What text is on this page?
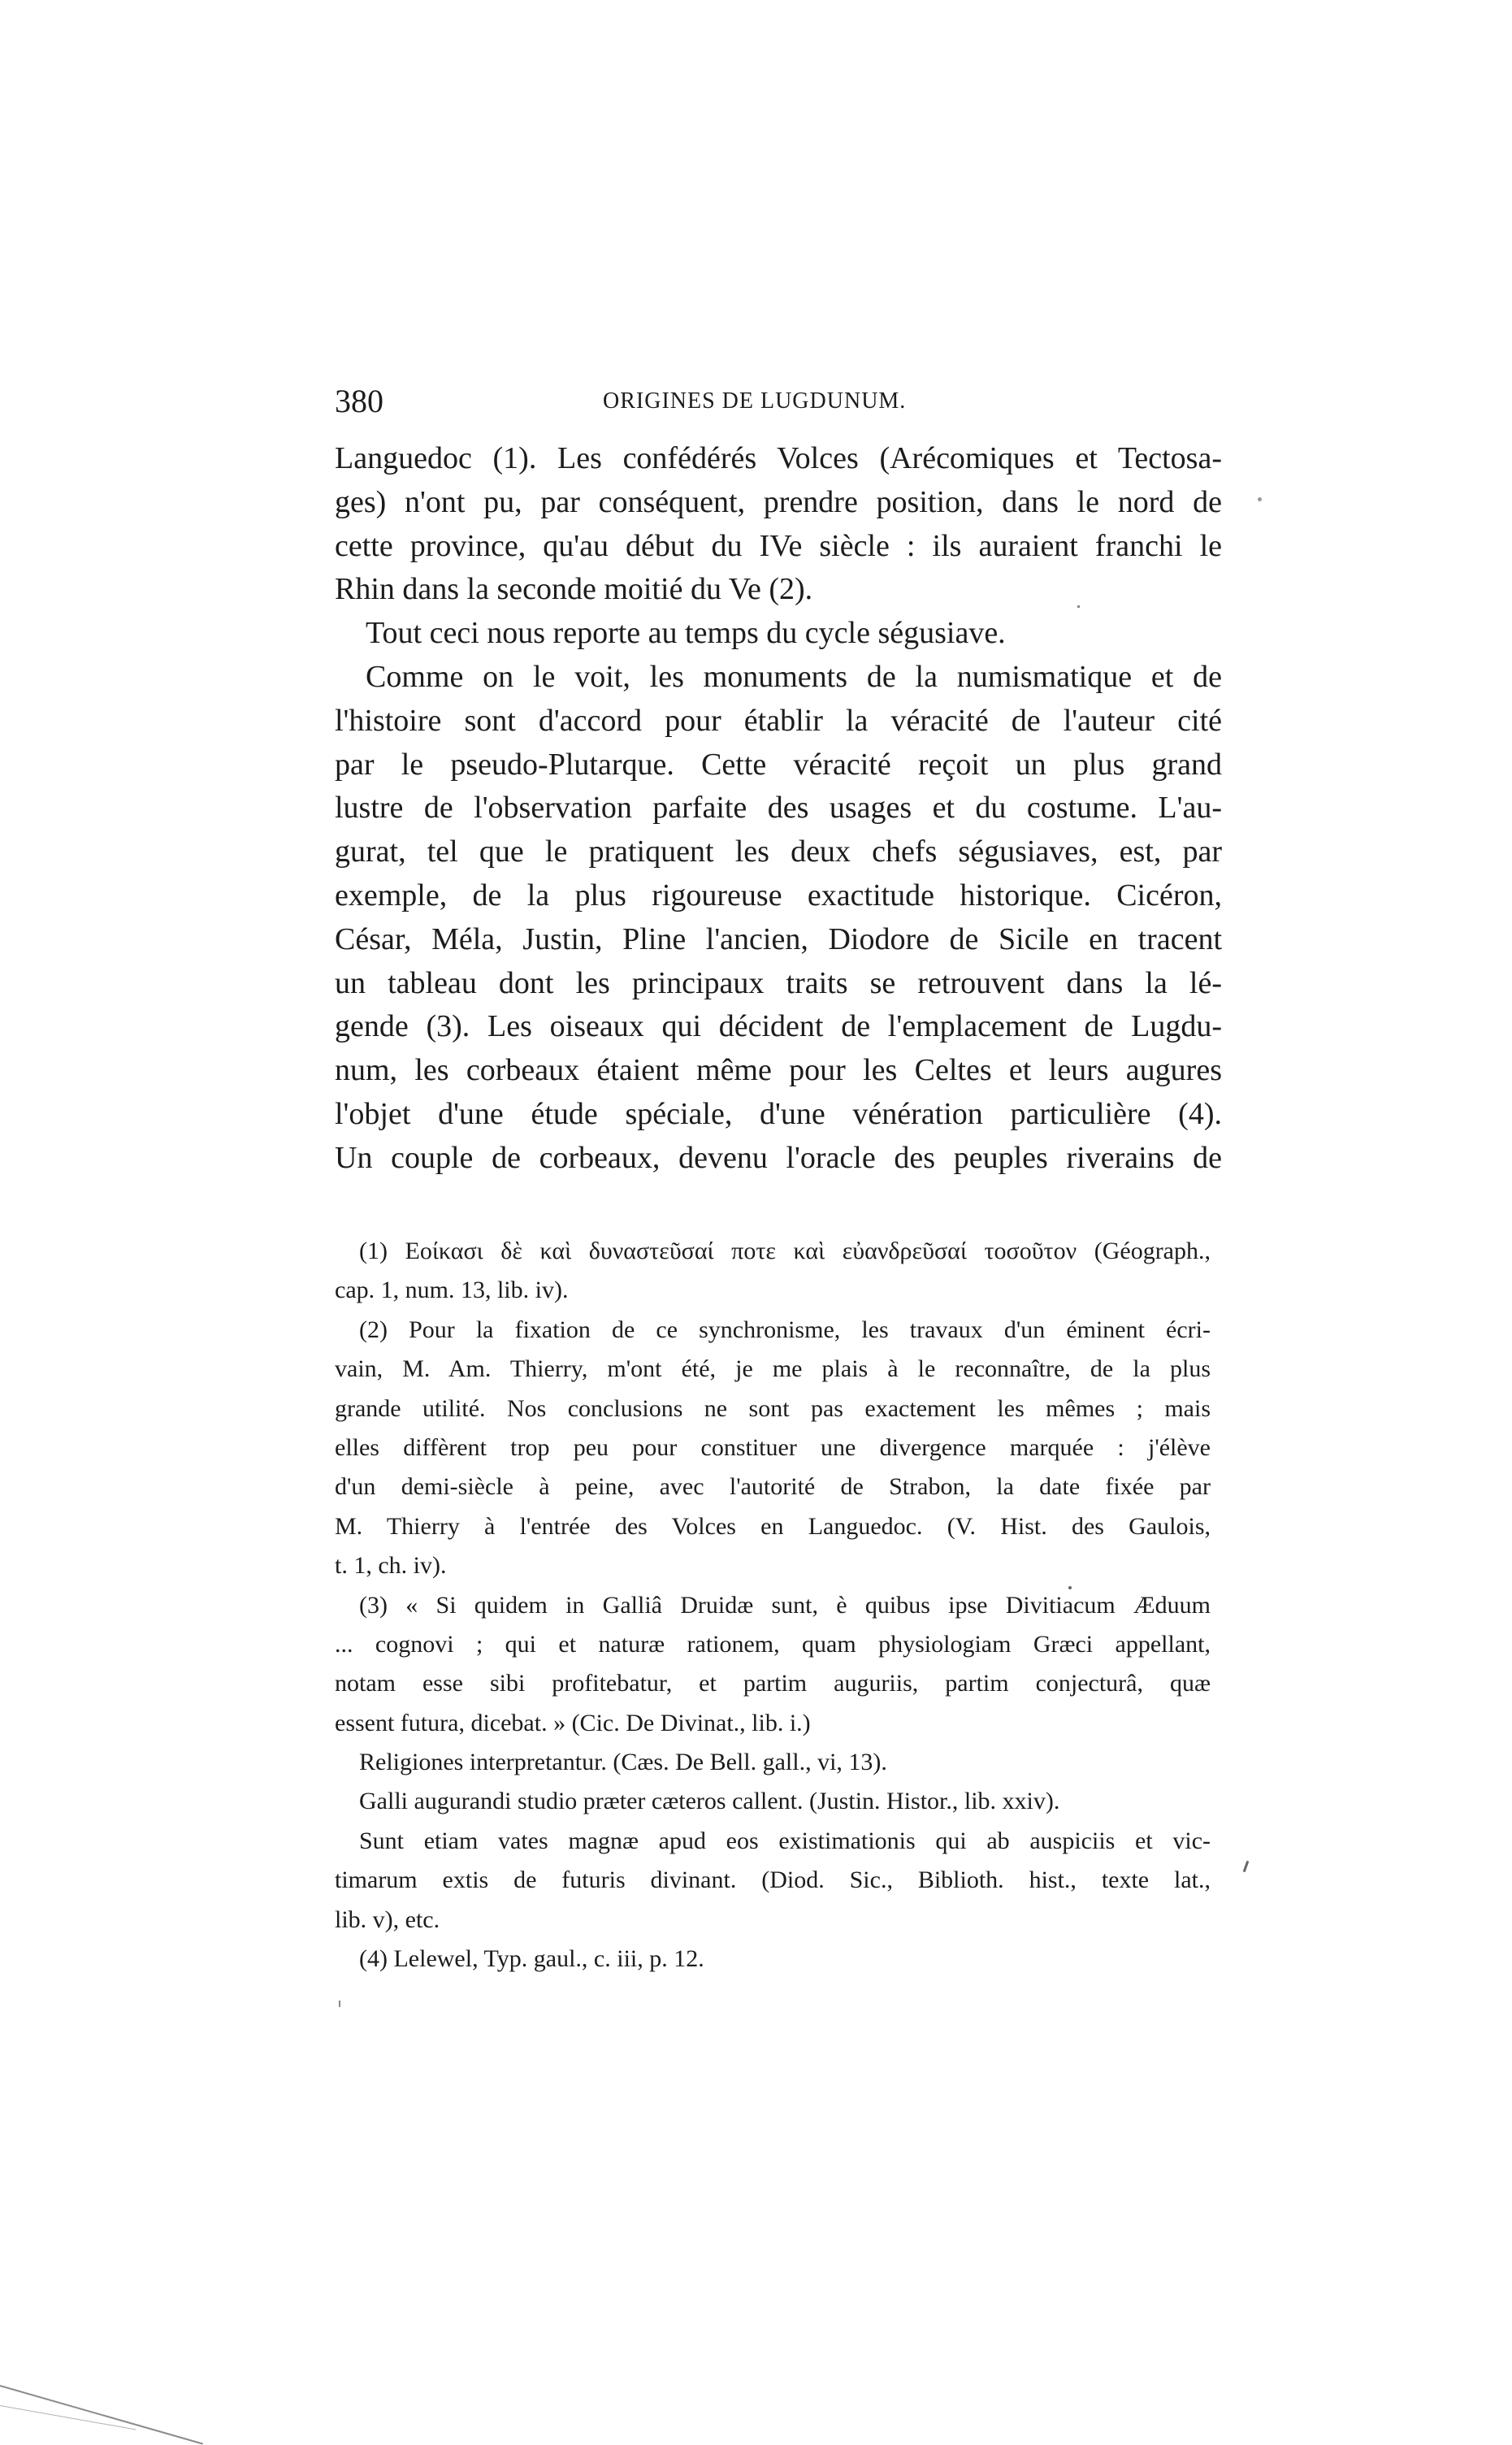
380	ORIGINES DE LUGDUNUM.
Languedoc (1). Les confédérés Volces (Arécomiques et Tectosa-
ges) n'ont pu, par conséquent, prendre position, dans le nord de
cette province, qu'au début du IVe siècle : ils auraient franchi le
Rhin dans la seconde moitié du Ve (2).
Tout ceci nous reporte au temps du cycle ségusiave.
Comme on le voit, les monuments de la numismatique et de
l'histoire sont d'accord pour établir la véracité de l'auteur cité
par le pseudo-Plutarque. Cette véracité reçoit un plus grand
lustre de l'observation parfaite des usages et du costume. L'au-
gurat, tel que le pratiquent les deux chefs ségusiaves, est, par
exemple, de la plus rigoureuse exactitude historique. Cicéron,
César, Méla, Justin, Pline l'ancien, Diodore de Sicile en tracent
un tableau dont les principaux traits se retrouvent dans la lé-
gende (3). Les oiseaux qui décident de l'emplacement de Lugdu-
num, les corbeaux étaient même pour les Celtes et leurs augures
l'objet d'une étude spéciale, d'une vénération particulière (4).
Un couple de corbeaux, devenu l'oracle des peuples riverains de
(1) Εοίκασι δὲ καὶ δυναστεῦσαί ποτε καὶ εὐανδρεῦσαί τοσοῦτον (Géograph.,
cap. 1, num. 13, lib. iv).
(2) Pour la fixation de ce synchronisme, les travaux d'un éminent écri-
vain, M. Am. Thierry, m'ont été, je me plais à le reconnaître, de la plus
grande utilité. Nos conclusions ne sont pas exactement les mêmes ; mais
elles diffèrent trop peu pour constituer une divergence marquée : j'élève
d'un demi-siècle à peine, avec l'autorité de Strabon, la date fixée par
M. Thierry à l'entrée des Volces en Languedoc. (V. Hist. des Gaulois,
t. 1, ch. iv).
(3) « Si quidem in Galliâ Druidæ sunt, è quibus ipse Divitiacum Æduum
... cognovi ; qui et naturæ rationem, quam physiologiam Græci appellant,
notam esse sibi profitebatur, et partim auguriis, partim conjecturâ, quæ
essent futura, dicebat. » (Cic. De Divinat., lib. i.)
Religiones interpretantur. (Cæs. De Bell. gall., vi, 13).
Galli augurandi studio præter cæteros callent. (Justin. Histor., lib. xxiv).
Sunt etiam vates magnæ apud eos existimationis qui ab auspiciis et vic-
timarum extis de futuris divinant. (Diod. Sic., Biblioth. hist., texte lat.,
lib. v), etc.
(4) Lelewel, Typ. gaul., c. iii, p. 12.
